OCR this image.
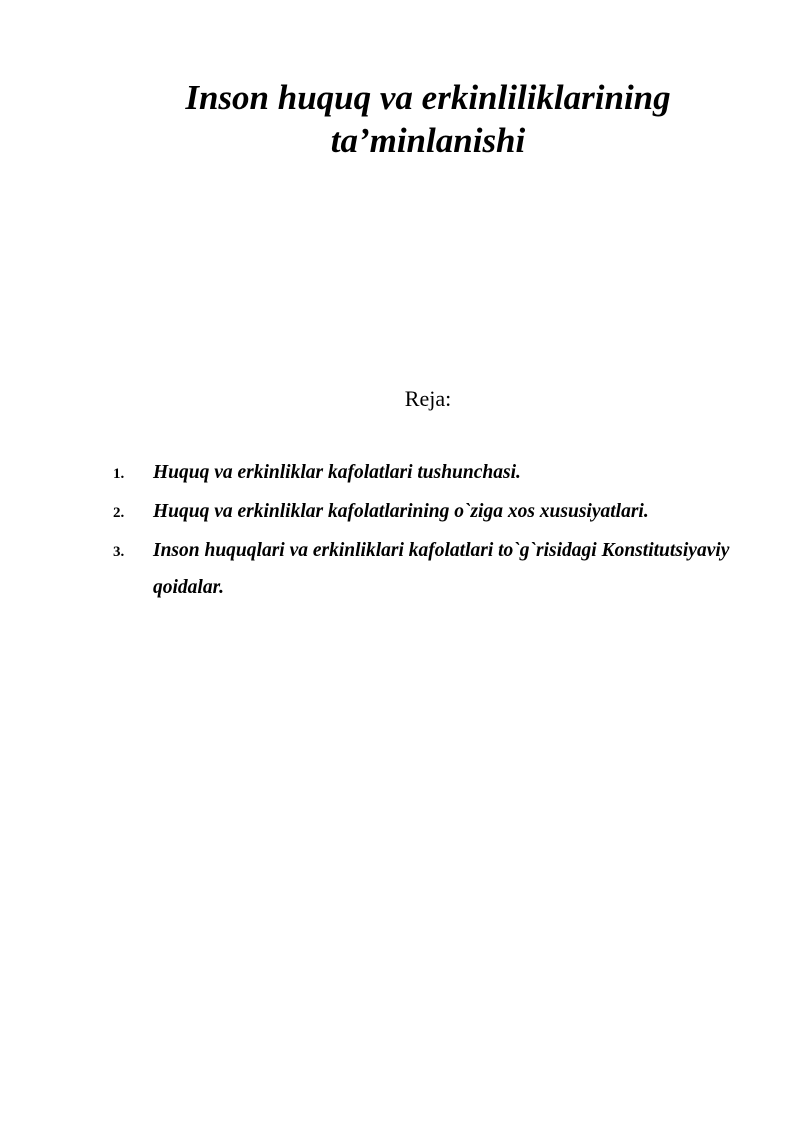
Inson huquq va erkinliliklarining
ta’minlanishi
Reja:
1.	Huquq va erkinliklar kafolatlari tushunchasi.
2.	Huquq va erkinliklar kafolatlarining o`ziga xos xususiyatlari.
3.	Inson huquqlari va erkinliklari kafolatlari to`g`risidagi Konstitutsiyaviy qoidalar.
